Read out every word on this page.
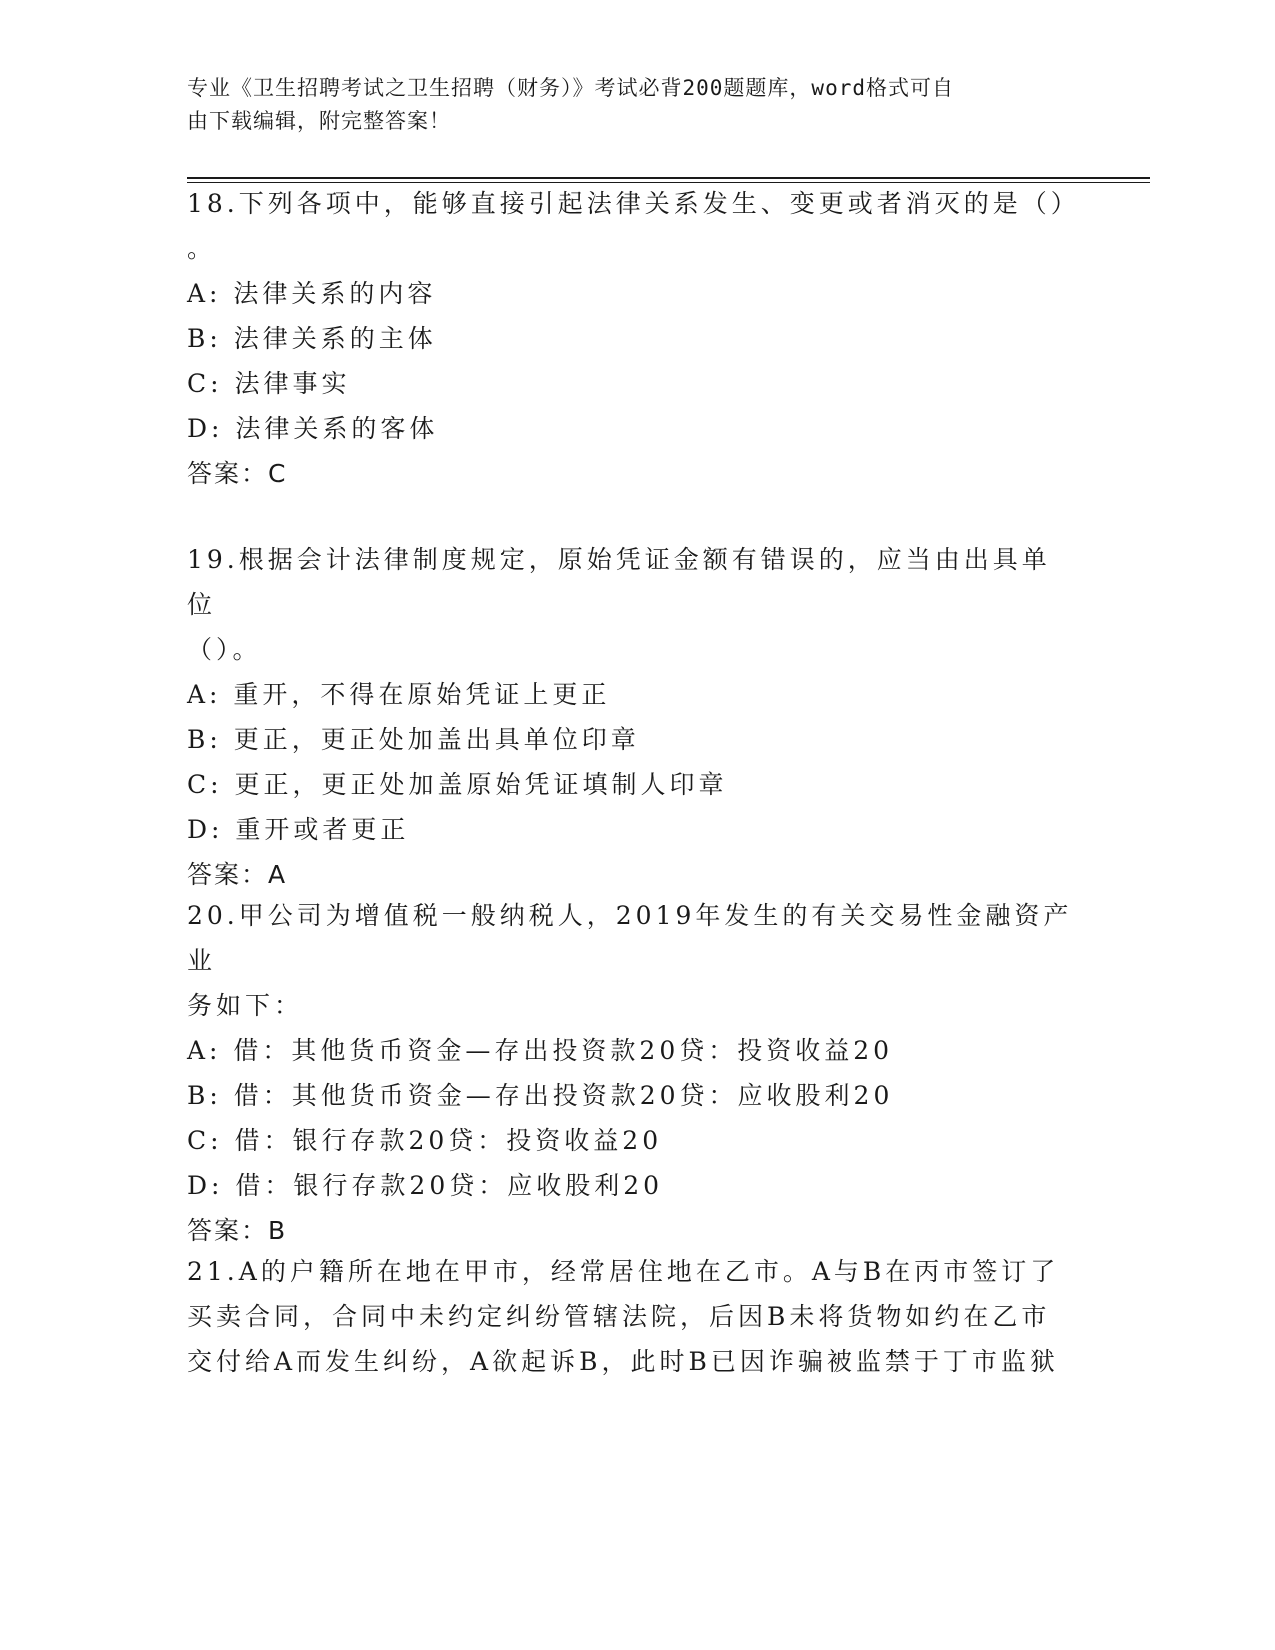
专业《卫生招聘考试之卫生招聘（财务）》考试必背200题题库，word格式可自
由下载编辑，附完整答案！

18.下列各项中，能够直接引起法律关系发生、变更或者消灭的是（）

。

A: 法律关系的内容

B: 法律关系的主体

C: 法律事实

D: 法律关系的客体

答案：C

19.根据会计法律制度规定，原始凭证金额有错误的，应当由出具单位

（）。

A: 重开，不得在原始凭证上更正

B: 更正，更正处加盖出具单位印章

C: 更正，更正处加盖原始凭证填制人印章

D: 重开或者更正

答案：A

20.甲公司为增值税一般纳税人，2019年发生的有关交易性金融资产业

务如下：

A: 借：其他货币资金—存出投资款20贷：投资收益20

B: 借：其他货币资金—存出投资款20贷：应收股利20

C: 借：银行存款20贷：投资收益20

D: 借：银行存款20贷：应收股利20

答案：B

21.A的户籍所在地在甲市，经常居住地在乙市。A与B在丙市签订了

买卖合同，合同中未约定纠纷管辖法院，后因B未将货物如约在乙市

交付给A而发生纠纷，A欲起诉B，此时B已因诈骗被监禁于丁市监狱
